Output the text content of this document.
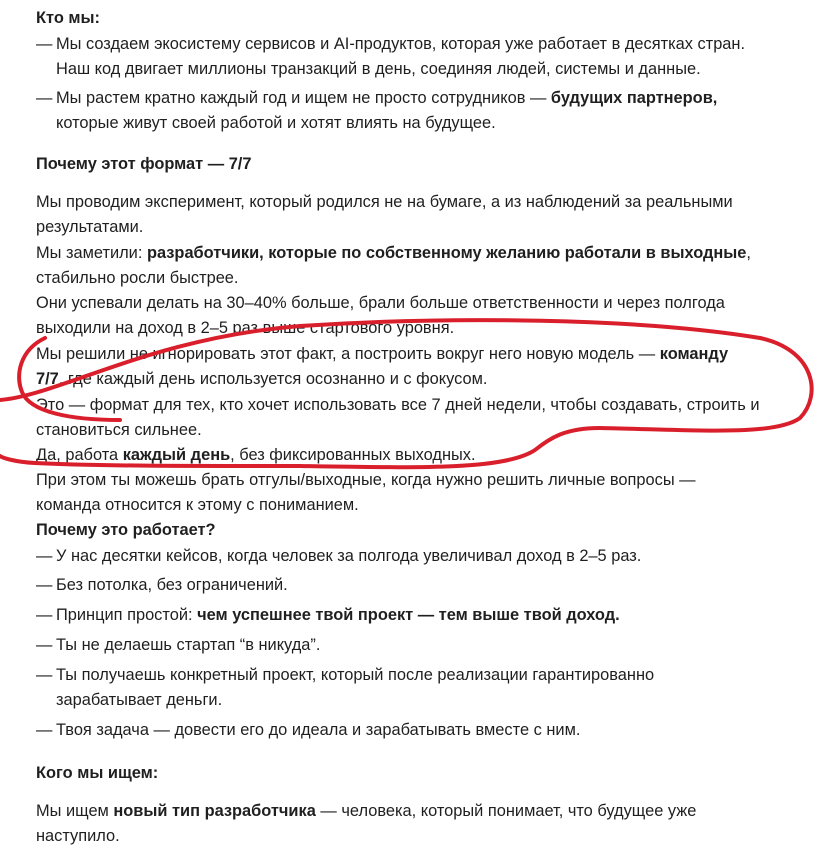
Кто мы:
— Мы создаем экосистему сервисов и AI-продуктов, которая уже работает в десятках стран.
Наш код двигает миллионы транзакций в день, соединяя людей, системы и данные.
— Мы растем кратно каждый год и ищем не просто сотрудников — будущих партнеров,
которые живут своей работой и хотят влиять на будущее.
Почему этот формат — 7/7
Мы проводим эксперимент, который родился не на бумаге, а из наблюдений за реальными
результатами.
Мы заметили: разработчики, которые по собственному желанию работали в выходные,
стабильно росли быстрее.
Они успевали делать на 30–40% больше, брали больше ответственности и через полгода
выходили на доход в 2–5 раз выше стартового уровня.
Мы решили не игнорировать этот факт, а построить вокруг него новую модель — команду
7/7, где каждый день используется осознанно и с фокусом.
Это — формат для тех, кто хочет использовать все 7 дней недели, чтобы создавать, строить и
становиться сильнее.
Да, работа каждый день, без фиксированных выходных.
При этом ты можешь брать отгулы/выходные, когда нужно решить личные вопросы —
команда относится к этому с пониманием.
Почему это работает?
— У нас десятки кейсов, когда человек за полгода увеличивал доход в 2–5 раз.
— Без потолка, без ограничений.
— Принцип простой: чем успешнее твой проект — тем выше твой доход.
— Ты не делаешь стартап “в никуда”.
— Ты получаешь конкретный проект, который после реализации гарантированно
зарабатывает деньги.
— Твоя задача — довести его до идеала и зарабатывать вместе с ним.
Кого мы ищем:
Мы ищем новый тип разработчика — человека, который понимает, что будущее уже
наступило.
